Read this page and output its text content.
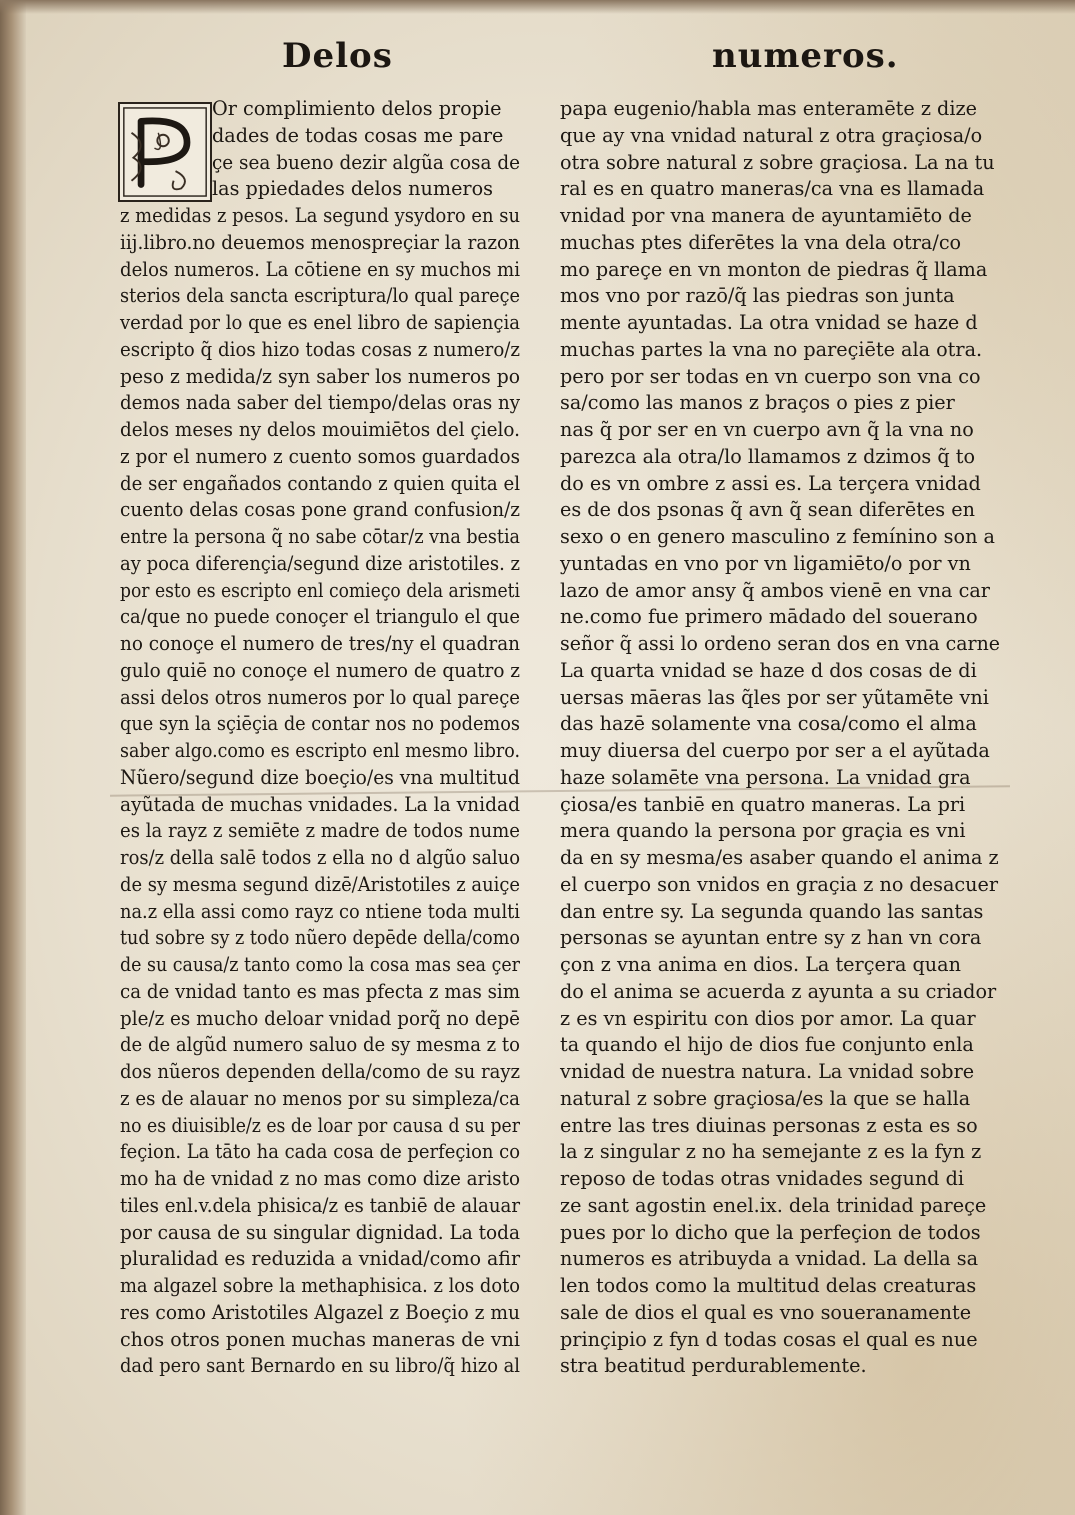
Delos	numeros.
Or complimiento delos propie
dades de todas cosas me pare
çe sea bueno dezir algũa cosa de
las ppiedades delos numeros
z medidas z pesos. La segund ysydoro en su
iij.libro.no deuemos menospreçiar la razon
delos numeros. La cōtiene en sy muchos mi
sterios dela sancta escriptura/lo qual pareçe
verdad por lo que es enel libro de sapiençia
escripto q̃ dios hizo todas cosas z numero/z
peso z medida/z syn saber los numeros po
demos nada saber del tiempo/delas oras ny
delos meses ny delos mouimiētos del çielo.
z por el numero z cuento somos guardados
de ser engañados contando z quien quita el
cuento delas cosas pone grand confusion/z
entre la persona q̃ no sabe cōtar/z vna bestia
ay poca diferençia/segund dize aristotiles. z
por esto es escripto enl comieço dela arismeti
ca/que no puede conoçer el triangulo el que
no conoçe el numero de tres/ny el quadran
gulo quiē no conoçe el numero de quatro z
assi delos otros numeros por lo qual pareçe
que syn la sçiēçia de contar nos no podemos
saber algo.como es escripto enl mesmo libro.
Nũero/segund dize boeçio/es vna multitud
ayũtada de muchas vnidades. La la vnidad
es la rayz z semiēte z madre de todos nume
ros/z della salē todos z ella no d algũo saluo
de sy mesma segund dizē/Aristotiles z auiçe
na.z ella assi como rayz co ntiene toda multi
tud sobre sy z todo nũero depēde della/como
de su causa/z tanto como la cosa mas sea çer
ca de vnidad tanto es mas pfecta z mas sim
ple/z es mucho deloar vnidad porq̃ no depē
de de algũd numero saluo de sy mesma z to
dos nũeros dependen della/como de su rayz
z es de alauar no menos por su simpleza/ca
no es diuisible/z es de loar por causa d su per
feçion. La tāto ha cada cosa de perfeçion co
mo ha de vnidad z no mas como dize aristo
tiles enl.v.dela phisica/z es tanbiē de alauar
por causa de su singular dignidad. La toda
pluralidad es reduzida a vnidad/como afir
ma algazel sobre la methaphisica. z los doto
res como Aristotiles Algazel z Boeçio z mu
chos otros ponen muchas maneras de vni
dad pero sant Bernardo en su libro/q̃ hizo al
papa eugenio/habla mas enteramēte z dize
que ay vna vnidad natural z otra graçiosa/o
otra sobre natural z sobre graçiosa. La na tu
ral es en quatro maneras/ca vna es llamada
vnidad por vna manera de ayuntamiēto de
muchas ptes diferētes la vna dela otra/co
mo pareçe en vn monton de piedras q̃ llama
mos vno por razō/q̃ las piedras son junta
mente ayuntadas. La otra vnidad se haze d
muchas partes la vna no pareçiēte ala otra.
pero por ser todas en vn cuerpo son vna co
sa/como las manos z braços o pies z pier
nas q̃ por ser en vn cuerpo avn q̃ la vna no
parezca ala otra/lo llamamos z dzimos q̃ to
do es vn ombre z assi es. La terçera vnidad
es de dos psonas q̃ avn q̃ sean diferētes en
sexo o en genero masculino z femínino son a
yuntadas en vno por vn ligamiēto/o por vn
lazo de amor ansy q̃ ambos vienē en vna car
ne.como fue primero mādado del souerano
señor q̃ assi lo ordeno seran dos en vna carne
La quarta vnidad se haze d dos cosas de di
uersas māeras las q̃les por ser yũtamēte vni
das hazē solamente vna cosa/como el alma
muy diuersa del cuerpo por ser a el ayũtada
haze solamēte vna persona. La vnidad gra
çiosa/es tanbiē en quatro maneras. La pri
mera quando la persona por graçia es vni
da en sy mesma/es asaber quando el anima z
el cuerpo son vnidos en graçia z no desacuer
dan entre sy. La segunda quando las santas
personas se ayuntan entre sy z han vn cora
çon z vna anima en dios. La terçera quan
do el anima se acuerda z ayunta a su criador
z es vn espiritu con dios por amor. La quar
ta quando el hijo de dios fue conjunto enla
vnidad de nuestra natura. La vnidad sobre
natural z sobre graçiosa/es la que se halla
entre las tres diuinas personas z esta es so
la z singular z no ha semejante z es la fyn z
reposo de todas otras vnidades segund di
ze sant agostin enel.ix. dela trinidad pareçe
pues por lo dicho que la perfeçion de todos
numeros es atribuyda a vnidad. La della sa
len todos como la multitud delas creaturas
sale de dios el qual es vno soueranamente
prinçipio z fyn d todas cosas el qual es nue
stra beatitud perdurablemente.
